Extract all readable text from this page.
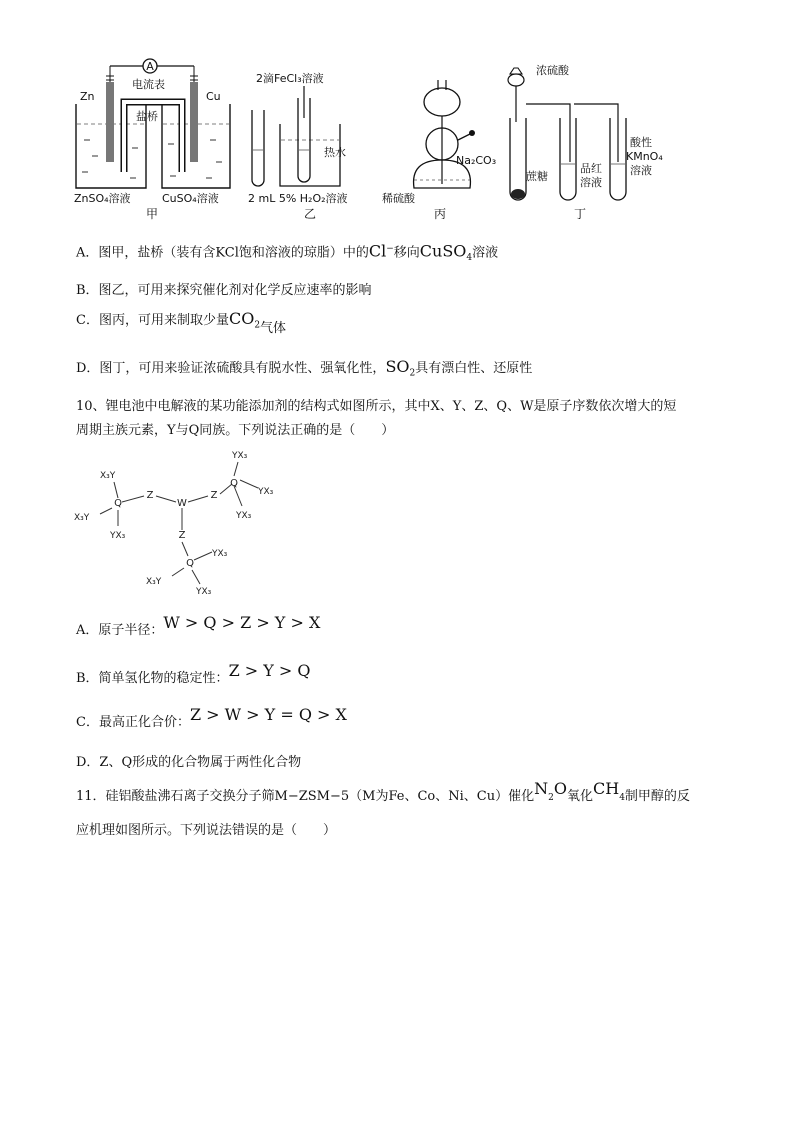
A
电流表
Zn	Cu
盐桥
ZnSO₄溶液	CuSO₄溶液
甲
2滴FeCl₃溶液
热水
2 mL 5% H₂O₂溶液
乙
Na₂CO₃
稀硫酸
丙
浓硫酸
蔗糖
品红
溶液
酸性
KMnO₄
溶液
丁
A．图甲，盐桥（装有含KCl饱和溶液的琼脂）中的Cl−移向CuSO$_4$溶液
B．图乙，可用来探究催化剂对化学反应速率的影响
C．图丙，可用来制取少量$CO_2$气体
D．图丁，可用来验证浓硫酸具有脱水性、强氧化性，$SO_2$具有漂白性、还原性
10、锂电池中电解液的某功能添加剂的结构式如图所示，其中X、Y、Z、Q、W是原子序数依次增大的短
周期主族元素，Y与Q同族。下列说法正确的是（　　）
Q
Z
W
Z
Q
Z
Q
X₃Y
X₃Y
YX₃
YX₃
YX₃
YX₃
YX₃
X₃Y
YX₃
A．原子半径：W > Q > Z > Y > X
B．简单氢化物的稳定性：Z > Y > Q
C．最高正化合价：Z > W > Y = Q > X
D．Z、Q形成的化合物属于两性化合物
11．硅铝酸盐沸石离子交换分子筛M−ZSM−5（M为Fe、Co、Ni、Cu）催化$N_2O$氧化$CH_4$制甲醇的反
应机理如图所示。下列说法错误的是（　　）
